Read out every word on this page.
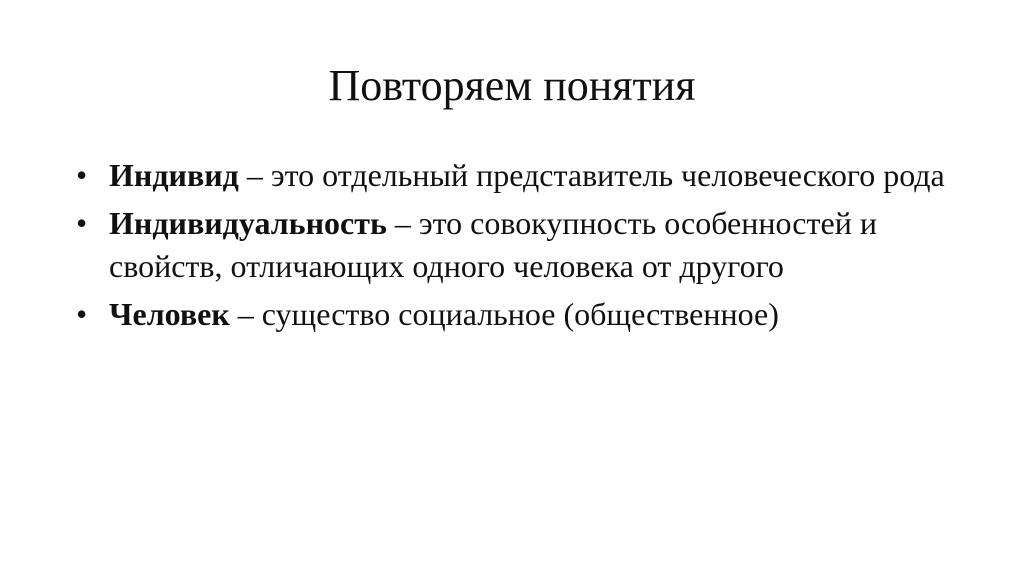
Повторяем понятия
• Индивид – это отдельный представитель человеческого рода
• Индивидуальность – это совокупность особенностей и свойств, отличающих одного человека от другого
• Человек – существо социальное (общественное)
